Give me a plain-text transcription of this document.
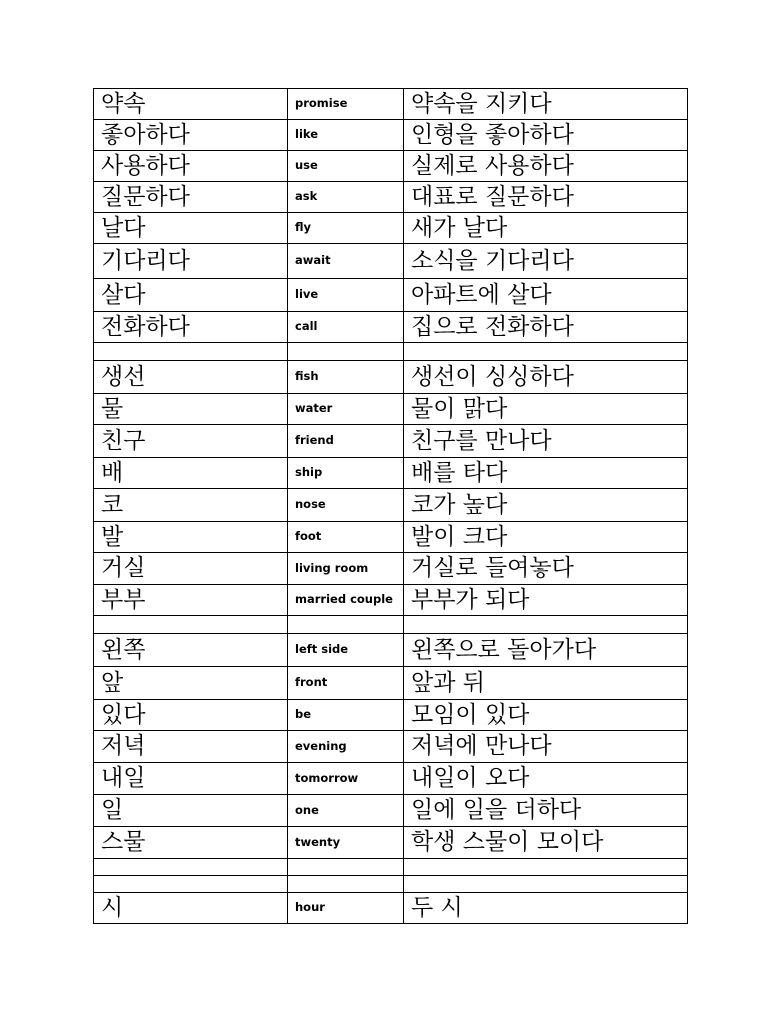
약속	promise	약속을 지키다
좋아하다	like	인형을 좋아하다
사용하다	use	실제로 사용하다
질문하다	ask	대표로 질문하다
날다	fly	새가 날다
기다리다	await	소식을 기다리다
살다	live	아파트에 살다
전화하다	call	집으로 전화하다

생선	fish	생선이 싱싱하다
물	water	물이 맑다
친구	friend	친구를 만나다
배	ship	배를 타다
코	nose	코가 높다
발	foot	발이 크다
거실	living room	거실로 들여놓다
부부	married couple	부부가 되다

왼쪽	left side	왼쪽으로 돌아가다
앞	front	앞과 뒤
있다	be	모임이 있다
저녁	evening	저녁에 만나다
내일	tomorrow	내일이 오다
일	one	일에 일을 더하다
스물	twenty	학생 스물이 모이다

시	hour	두 시
